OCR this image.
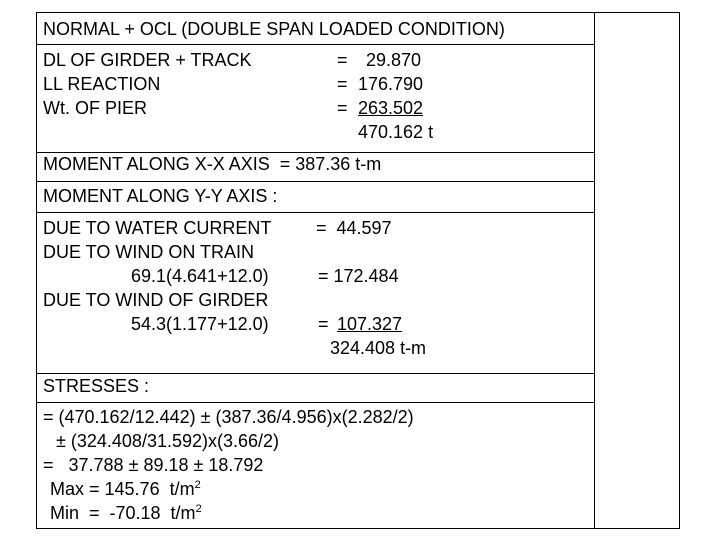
NORMAL + OCL (DOUBLE SPAN LOADED CONDITION)
DL OF GIRDER + TRACK	= 29.870
LL REACTION	= 176.790
Wt. OF PIER	= 263.502
470.162 t
MOMENT ALONG X-X AXIS  = 387.36 t-m
MOMENT ALONG Y-Y AXIS :
DUE TO WATER CURRENT =  44.597
DUE TO WIND ON TRAIN
69.1(4.641+12.0)	= 172.484
DUE TO WIND OF GIRDER
54.3(1.177+12.0)	= 107.327
324.408 t-m
STRESSES :
= (470.162/12.442) ± (387.36/4.956)x(2.282/2)
± (324.408/31.592)x(3.66/2)
=   37.788 ± 89.18 ± 18.792
Max = 145.76  $t/m^2$
Min  =  -70.18  $t/m^2$
